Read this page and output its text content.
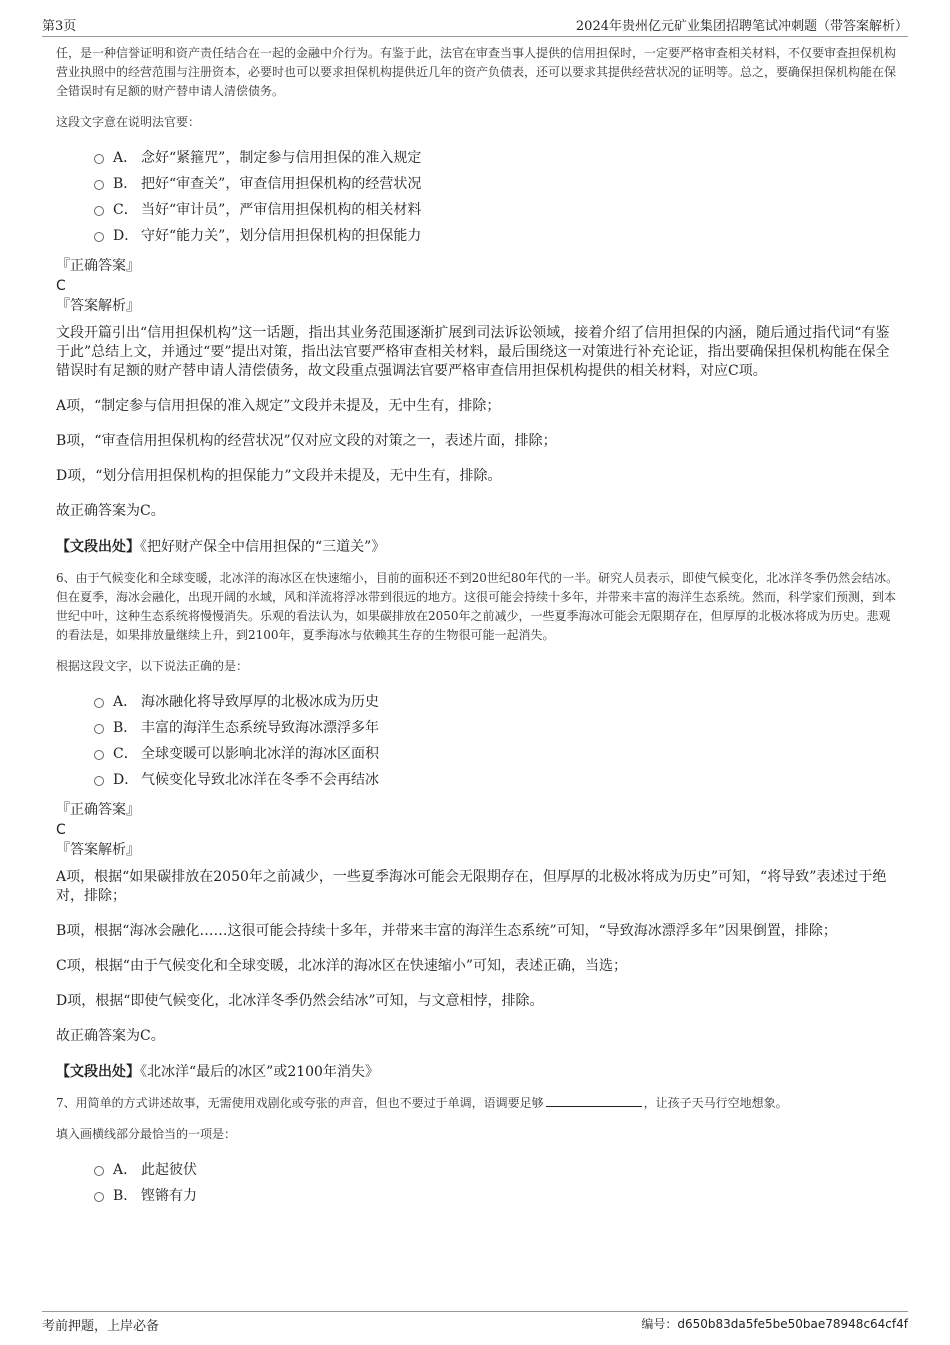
第3页	2024年贵州亿元矿业集团招聘笔试冲刺题（带答案解析）

任，是一种信誉证明和资产责任结合在一起的金融中介行为。有鉴于此，法官在审查当事人提供的信用担保时，一定要严格审查相关材料，不仅要审查担保机构营业执照中的经营范围与注册资本，必要时也可以要求担保机构提供近几年的资产负债表，还可以要求其提供经营状况的证明等。总之，要确保担保机构能在保全错误时有足额的财产替申请人清偿债务。

这段文字意在说明法官要：

A． 念好“紧箍咒”，制定参与信用担保的准入规定
B． 把好“审查关”，审查信用担保机构的经营状况
C． 当好“审计员”，严审信用担保机构的相关材料
D． 守好“能力关”，划分信用担保机构的担保能力

『正确答案』

C

『答案解析』

文段开篇引出“信用担保机构”这一话题，指出其业务范围逐渐扩展到司法诉讼领域，接着介绍了信用担保的内涵，随后通过指代词“有鉴于此”总结上文，并通过“要”提出对策，指出法官要严格审查相关材料，最后围绕这一对策进行补充论证，指出要确保担保机构能在保全错误时有足额的财产替申请人清偿债务，故文段重点强调法官要严格审查信用担保机构提供的相关材料，对应C项。

A项，“制定参与信用担保的准入规定”文段并未提及，无中生有，排除；

B项，“审查信用担保机构的经营状况”仅对应文段的对策之一，表述片面，排除；

D项，“划分信用担保机构的担保能力”文段并未提及，无中生有，排除。

故正确答案为C。

【文段出处】《把好财产保全中信用担保的“三道关”》

6、由于气候变化和全球变暖，北冰洋的海冰区在快速缩小，目前的面积还不到20世纪80年代的一半。研究人员表示，即使气候变化，北冰洋冬季仍然会结冰。但在夏季，海冰会融化，出现开阔的水域，风和洋流将浮冰带到很远的地方。这很可能会持续十多年，并带来丰富的海洋生态系统。然而，科学家们预测，到本世纪中叶，这种生态系统将慢慢消失。乐观的看法认为，如果碳排放在2050年之前减少，一些夏季海冰可能会无限期存在，但厚厚的北极冰将成为历史。悲观的看法是，如果排放量继续上升，到2100年，夏季海冰与依赖其生存的生物很可能一起消失。

根据这段文字，以下说法正确的是：

A． 海冰融化将导致厚厚的北极冰成为历史
B． 丰富的海洋生态系统导致海冰漂浮多年
C． 全球变暖可以影响北冰洋的海冰区面积
D． 气候变化导致北冰洋在冬季不会再结冰

『正确答案』

C

『答案解析』

A项，根据“如果碳排放在2050年之前减少，一些夏季海冰可能会无限期存在，但厚厚的北极冰将成为历史”可知，“将导致”表述过于绝对，排除；

B项，根据“海冰会融化……这很可能会持续十多年，并带来丰富的海洋生态系统”可知，“导致海冰漂浮多年”因果倒置，排除；

C项，根据“由于气候变化和全球变暖，北冰洋的海冰区在快速缩小”可知，表述正确，当选；

D项，根据“即使气候变化，北冰洋冬季仍然会结冰”可知，与文意相悖，排除。

故正确答案为C。

【文段出处】《北冰洋“最后的冰区”或2100年消失》

7、用简单的方式讲述故事，无需使用戏剧化或夸张的声音，但也不要过于单调，语调要足够	，让孩子天马行空地想象。

填入画横线部分最恰当的一项是：

A． 此起彼伏
B． 铿锵有力
考前押题，上岸必备	编号：d650b83da5fe5be50bae78948c64cf4f
